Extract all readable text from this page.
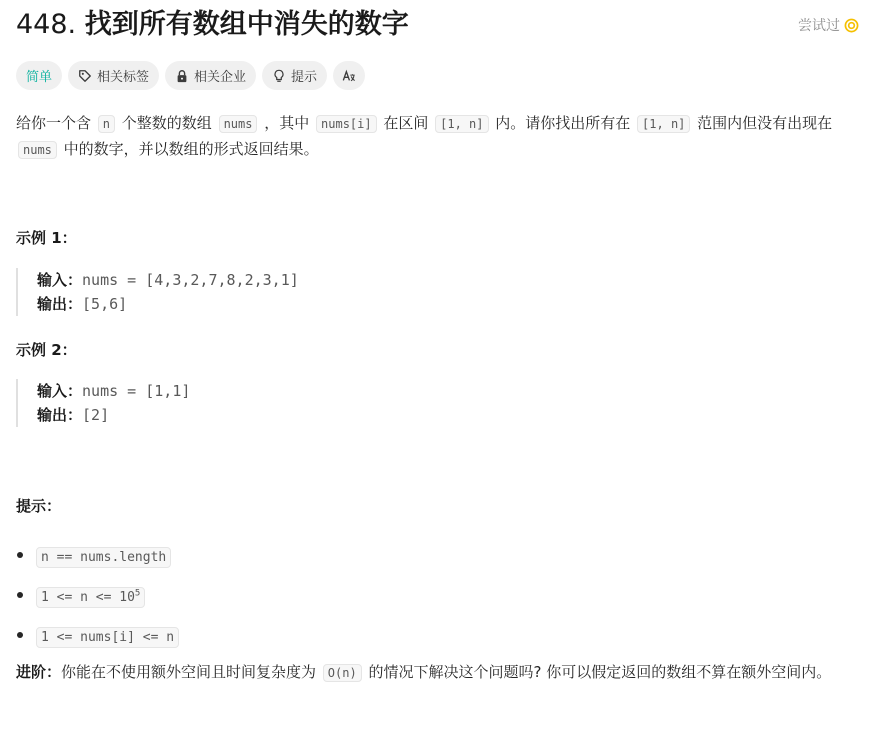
448. 找到所有数组中消失的数字	尝试过
简单	相关标签	相关企业	提示
给你一个含 n 个整数的数组 nums ，其中 nums[i] 在区间 [1, n] 内。请你找出所有在 [1, n] 范围内但没有出现在 nums 中的数字，并以数组的形式返回结果。
示例 1：
输入：nums = [4,3,2,7,8,2,3,1]
输出：[5,6]
示例 2：
输入：nums = [1,1]
输出：[2]
提示：
n == nums.length
$1 <= n <= 10^5$
1 <= nums[i] <= n
进阶：你能在不使用额外空间且时间复杂度为 O(n) 的情况下解决这个问题吗? 你可以假定返回的数组不算在额外空间内。
